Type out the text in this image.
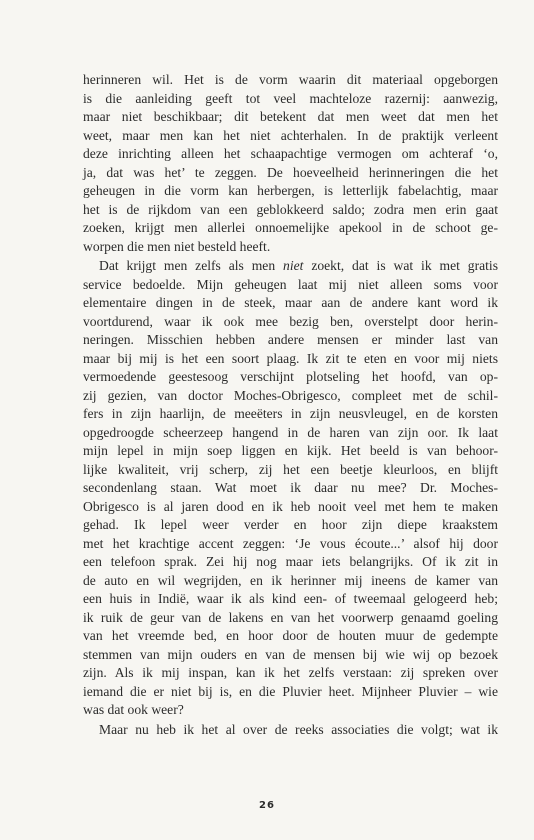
herinneren wil. Het is de vorm waarin dit materiaal opgeborgen
is die aanleiding geeft tot veel machteloze razernij: aanwezig,
maar niet beschikbaar; dit betekent dat men weet dat men het
weet, maar men kan het niet achterhalen. In de praktijk verleent
deze inrichting alleen het schaapachtige vermogen om achteraf ‘o,
ja, dat was het’ te zeggen. De hoeveelheid herinneringen die het
geheugen in die vorm kan herbergen, is letterlijk fabelachtig, maar
het is de rijkdom van een geblokkeerd saldo; zodra men erin gaat
zoeken, krijgt men allerlei onnoemelijke apekool in de schoot ge-
worpen die men niet besteld heeft.

Dat krijgt men zelfs als men niet zoekt, dat is wat ik met gratis
service bedoelde. Mijn geheugen laat mij niet alleen soms voor
elementaire dingen in de steek, maar aan de andere kant word ik
voortdurend, waar ik ook mee bezig ben, overstelpt door herin-
neringen. Misschien hebben andere mensen er minder last van
maar bij mij is het een soort plaag. Ik zit te eten en voor mij niets
vermoedende geestesoog verschijnt plotseling het hoofd, van op-
zij gezien, van doctor Moches-Obrigesco, compleet met de schil-
fers in zijn haarlijn, de meeëters in zijn neusvleugel, en de korsten
opgedroogde scheerzeep hangend in de haren van zijn oor. Ik laat
mijn lepel in mijn soep liggen en kijk. Het beeld is van behoor-
lijke kwaliteit, vrij scherp, zij het een beetje kleurloos, en blijft
secondenlang staan. Wat moet ik daar nu mee? Dr. Moches-
Obrigesco is al jaren dood en ik heb nooit veel met hem te maken
gehad. Ik lepel weer verder en hoor zijn diepe kraakstem
met het krachtige accent zeggen: ‘Je vous écoute...’ alsof hij door
een telefoon sprak. Zei hij nog maar iets belangrijks. Of ik zit in
de auto en wil wegrijden, en ik herinner mij ineens de kamer van
een huis in Indië, waar ik als kind een- of tweemaal gelogeerd heb;
ik ruik de geur van de lakens en van het voorwerp genaamd goeling
van het vreemde bed, en hoor door de houten muur de gedempte
stemmen van mijn ouders en van de mensen bij wie wij op bezoek
zijn. Als ik mij inspan, kan ik het zelfs verstaan: zij spreken over
iemand die er niet bij is, en die Pluvier heet. Mijnheer Pluvier – wie
was dat ook weer?

Maar nu heb ik het al over de reeks associaties die volgt; wat ik

26
